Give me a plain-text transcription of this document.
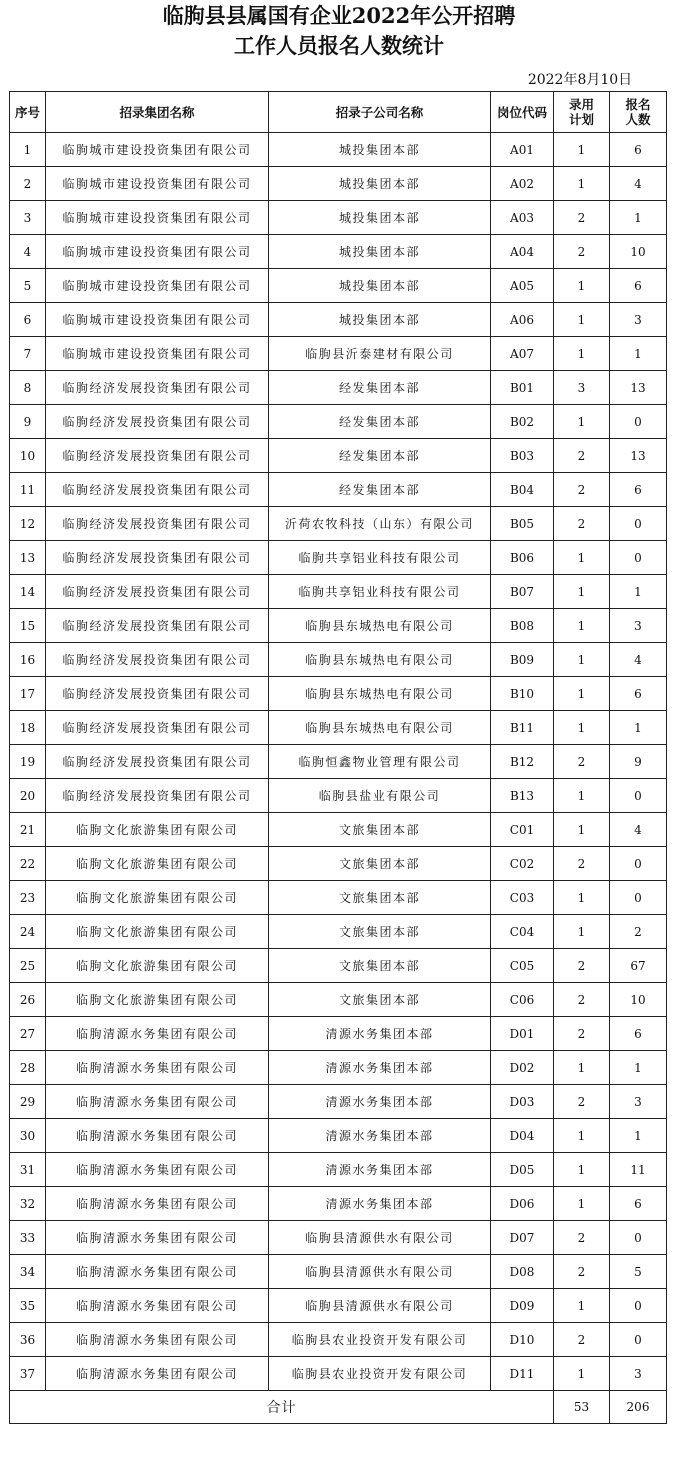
临朐县县属国有企业2022年公开招聘
工作人员报名人数统计
2022年8月10日
序号	招录集团名称	招录子公司名称	岗位代码	录用计划	报名人数
1	临朐城市建设投资集团有限公司	城投集团本部	A01	1	6
2	临朐城市建设投资集团有限公司	城投集团本部	A02	1	4
3	临朐城市建设投资集团有限公司	城投集团本部	A03	2	1
4	临朐城市建设投资集团有限公司	城投集团本部	A04	2	10
5	临朐城市建设投资集团有限公司	城投集团本部	A05	1	6
6	临朐城市建设投资集团有限公司	城投集团本部	A06	1	3
7	临朐城市建设投资集团有限公司	临朐县沂泰建材有限公司	A07	1	1
8	临朐经济发展投资集团有限公司	经发集团本部	B01	3	13
9	临朐经济发展投资集团有限公司	经发集团本部	B02	1	0
10	临朐经济发展投资集团有限公司	经发集团本部	B03	2	13
11	临朐经济发展投资集团有限公司	经发集团本部	B04	2	6
12	临朐经济发展投资集团有限公司	沂荷农牧科技（山东）有限公司	B05	2	0
13	临朐经济发展投资集团有限公司	临朐共享铝业科技有限公司	B06	1	0
14	临朐经济发展投资集团有限公司	临朐共享铝业科技有限公司	B07	1	1
15	临朐经济发展投资集团有限公司	临朐县东城热电有限公司	B08	1	3
16	临朐经济发展投资集团有限公司	临朐县东城热电有限公司	B09	1	4
17	临朐经济发展投资集团有限公司	临朐县东城热电有限公司	B10	1	6
18	临朐经济发展投资集团有限公司	临朐县东城热电有限公司	B11	1	1
19	临朐经济发展投资集团有限公司	临朐恒鑫物业管理有限公司	B12	2	9
20	临朐经济发展投资集团有限公司	临朐县盐业有限公司	B13	1	0
21	临朐文化旅游集团有限公司	文旅集团本部	C01	1	4
22	临朐文化旅游集团有限公司	文旅集团本部	C02	2	0
23	临朐文化旅游集团有限公司	文旅集团本部	C03	1	0
24	临朐文化旅游集团有限公司	文旅集团本部	C04	1	2
25	临朐文化旅游集团有限公司	文旅集团本部	C05	2	67
26	临朐文化旅游集团有限公司	文旅集团本部	C06	2	10
27	临朐清源水务集团有限公司	清源水务集团本部	D01	2	6
28	临朐清源水务集团有限公司	清源水务集团本部	D02	1	1
29	临朐清源水务集团有限公司	清源水务集团本部	D03	2	3
30	临朐清源水务集团有限公司	清源水务集团本部	D04	1	1
31	临朐清源水务集团有限公司	清源水务集团本部	D05	1	11
32	临朐清源水务集团有限公司	清源水务集团本部	D06	1	6
33	临朐清源水务集团有限公司	临朐县清源供水有限公司	D07	2	0
34	临朐清源水务集团有限公司	临朐县清源供水有限公司	D08	2	5
35	临朐清源水务集团有限公司	临朐县清源供水有限公司	D09	1	0
36	临朐清源水务集团有限公司	临朐县农业投资开发有限公司	D10	2	0
37	临朐清源水务集团有限公司	临朐县农业投资开发有限公司	D11	1	3
合计				53	206
